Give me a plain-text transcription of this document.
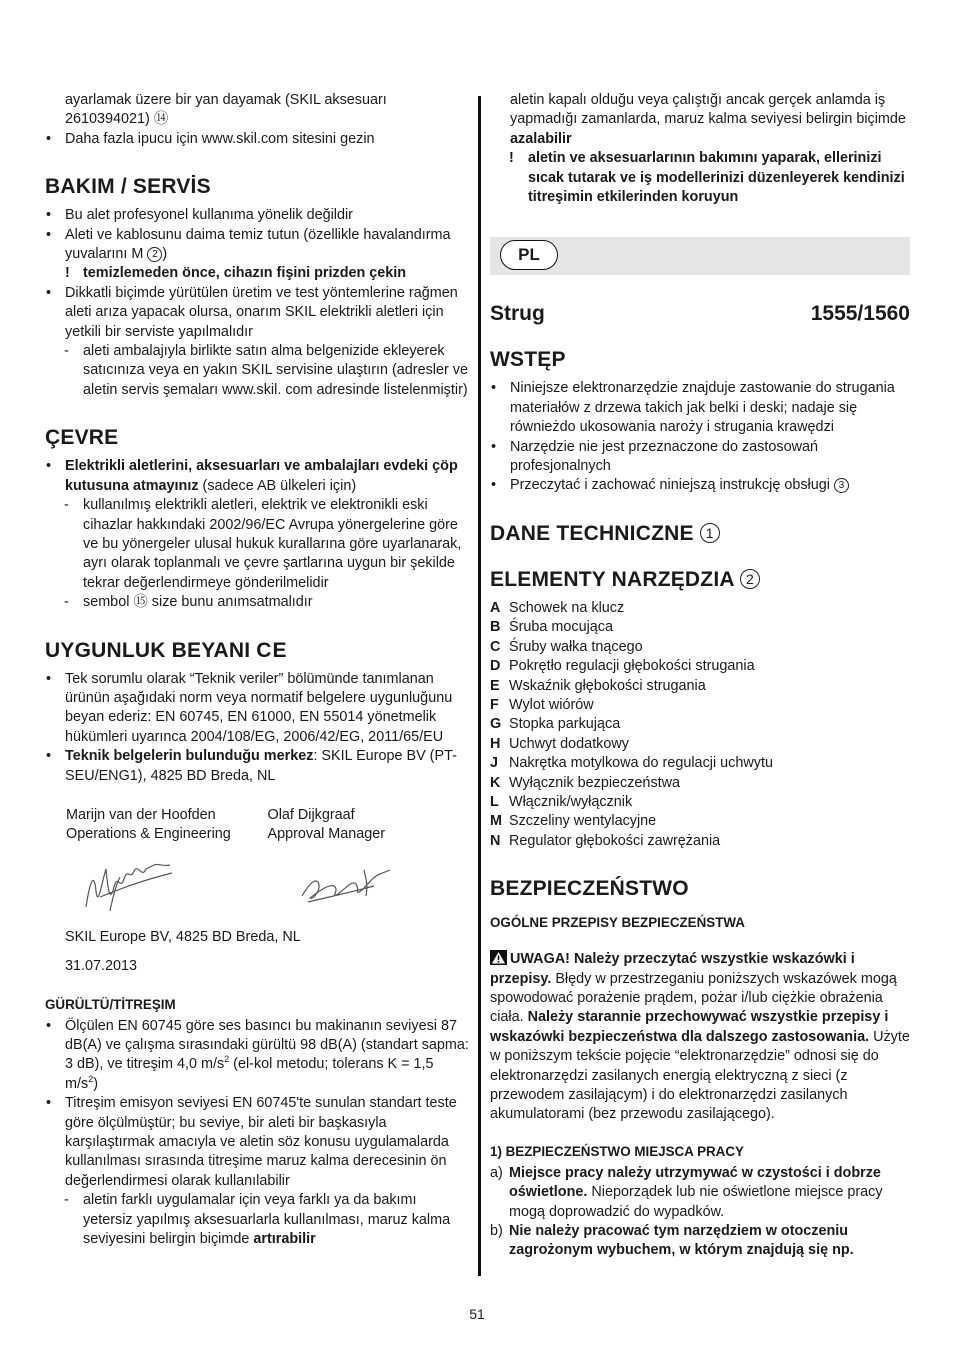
ayarlamak üzere bir yan dayamak (SKIL aksesuarı
2610394021) ⑭

• Daha fazla ipucu için www.skil.com sitesini gezin

BAKIM / SERVİS

• Bu alet profesyonel kullanıma yönelik değildir

• Aleti ve kablosunu daima temiz tutun (özellikle havalandırma yuvalarını M 2 )

! temizlemeden önce, cihazın fişini prizden çekin

• Dikkatli biçimde yürütülen üretim ve test yöntemlerine rağmen aleti arıza yapacak olursa, onarım SKIL elektrikli aletleri için yetkili bir serviste yapılmalıdır

- aleti ambalajıyla birlikte satın alma belgenizide ekleyerek satıcınıza veya en yakın SKIL servisine ulaştırın (adresler ve aletin servis şemaları www.skil. com adresinde listelenmiştir)

ÇEVRE

• Elektrikli aletlerini, aksesuarları ve ambalajları evdeki çöp kutusuna atmayınız (sadece AB ülkeleri için)

- kullanılmış elektrikli aletleri, elektrik ve elektronikli eski cihazlar hakkındaki 2002/96/EC Avrupa yönergelerine göre ve bu yönergeler ulusal hukuk kurallarına göre uyarlanarak, ayrı olarak toplanmalı ve çevre şartlarına uygun bir şekilde tekrar değerlendirmeye gönderilmelidir

- sembol ⑮ size bunu anımsatmalıdır

UYGUNLUK BEYANI CE

• Tek sorumlu olarak “Teknik veriler” bölümünde tanımlanan ürünün aşağıdaki norm veya normatif belgelere uygunluğunu beyan ederiz: EN 60745, EN 61000, EN 55014 yönetmelik hükümleri uyarınca 2004/108/EG, 2006/42/EG, 2011/65/EU

• Teknik belgelerin bulunduğu merkez: SKIL Europe BV (PT-SEU/ENG1), 4825 BD Breda, NL

Marijn van der Hoofden
Operations & Engineering
Olaf Dijkgraaf
Approval Manager

SKIL Europe BV, 4825 BD Breda, NL

31.07.2013

GÜRÜLTÜ/TİTREŞIM

• Ölçülen EN 60745 göre ses basıncı bu makinanın seviyesi 87 dB(A) ve çalışma sırasındaki gürültü 98 dB(A) (standart sapma: 3 dB), ve titreşim 4,0 $m/s^2$ (el-kol metodu; tolerans K = 1,5 $m/s^2$)

• Titreşim emisyon seviyesi EN 60745'te sunulan standart teste göre ölçülmüştür; bu seviye, bir aleti bir başkasıyla karşılaştırmak amacıyla ve aletin söz konusu uygulamalarda kullanılması sırasında titreşime maruz kalma derecesinin ön değerlendirmesi olarak kullanılabilir

- aletin farklı uygulamalar için veya farklı ya da bakımı yetersiz yapılmış aksesuarlarla kullanılması, maruz kalma seviyesini belirgin biçimde artırabilir

- aletin kapalı olduğu veya çalıştığı ancak gerçek anlamda iş yapmadığı zamanlarda, maruz kalma seviyesi belirgin biçimde azalabilir

! aletin ve aksesuarlarının bakımını yaparak, ellerinizi sıcak tutarak ve iş modellerinizi düzenleyerek kendinizi titreşimin etkilerinden koruyun

PL
Strug	1555/1560
WSTĘP

• Niniejsze elektronarzędzie znajduje zastowanie do strugania materiałów z drzewa takich jak belki i deski; nadaje się równieżdo ukosowania naroży i strugania krawędzi

• Narzędzie nie jest przeznaczone do zastosowań profesjonalnych

• Przeczytać i zachować niniejszą instrukcję obsługi 3

DANE TECHNICZNE 1
ELEMENTY NARZĘDZIA 2
A Schowek na klucz
B Śruba mocująca
C Śruby wałka tnącego
D Pokrętło regulacji głębokości strugania
E Wskaźnik głębokości strugania
F Wylot wiórów
G Stopka parkująca
H Uchwyt dodatkowy
J Nakrętka motylkowa do regulacji uchwytu
K Wyłącznik bezpieczeństwa
L Włącznik/wyłącznik
M Szczeliny wentylacyjne
N Regulator głębokości zawrężania
BEZPIECZEŃSTWO
OGÓLNE PRZEPISY BEZPIECZEŃSTWA

UWAGA! Należy przeczytać wszystkie wskazówki i przepisy. Błędy w przestrzeganiu poniższych wskazówek mogą spowodować porażenie prądem, pożar i/lub ciężkie obrażenia ciała. Należy starannie przechowywać wszystkie przepisy i wskazówki bezpieczeństwa dla dalszego zastosowania. Użyte w poniższym tekście pojęcie “elektronarzędzie” odnosi się do elektronarzędzi zasilanych energią elektryczną z sieci (z przewodem zasilającym) i do elektronarzędzi zasilanych akumulatorami (bez przewodu zasilającego).

1) BEZPIECZEŃSTWO MIEJSCA PRACY

a) Miejsce pracy należy utrzymywać w czystości i dobrze oświetlone. Nieporządek lub nie oświetlone miejsce pracy mogą doprowadzić do wypadków.

b) Nie należy pracować tym narzędziem w otoczeniu zagrożonym wybuchem, w którym znajdują się np.

51
